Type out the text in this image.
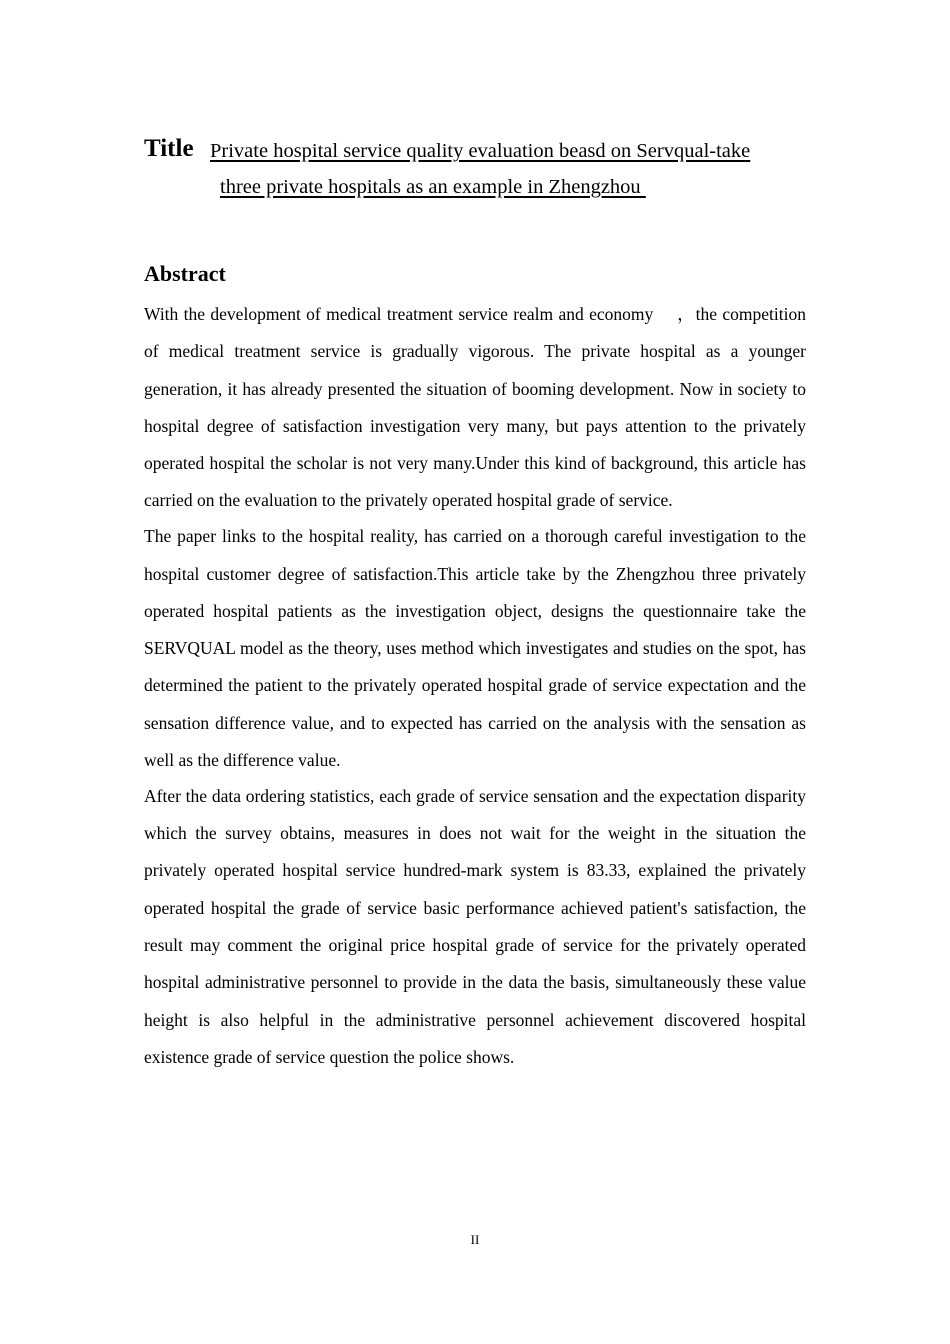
Title Private hospital service quality evaluation beasd on Servqual-take
three private hospitals as an example in Zhengzhou
Abstract

With the development of medical treatment service realm and economy 　，the competition of medical treatment service is gradually vigorous. The private hospital as a younger generation, it has already presented the situation of booming development. Now in society to hospital degree of satisfaction investigation very many, but pays attention to the privately operated hospital the scholar is not very many.Under this kind of background, this article has carried on the evaluation to the privately operated hospital grade of service.

The paper links to the hospital reality, has carried on a thorough careful investigation to the hospital customer degree of satisfaction.This article take by the Zhengzhou three privately operated hospital patients as the investigation object, designs the questionnaire take the SERVQUAL model as the theory, uses method which investigates and studies on the spot, has determined the patient to the privately operated hospital grade of service expectation and the sensation difference value, and to expected has carried on the analysis with the sensation as well as the difference value.

After the data ordering statistics, each grade of service sensation and the expectation disparity which the survey obtains, measures in does not wait for the weight in the situation the privately operated hospital service hundred-mark system is 83.33, explained the privately operated hospital the grade of service basic performance achieved patient's satisfaction, the result may comment the original price hospital grade of service for the privately operated hospital administrative personnel to provide in the data the basis, simultaneously these value height is also helpful in the administrative personnel achievement discovered hospital existence grade of service question the police shows.

II
